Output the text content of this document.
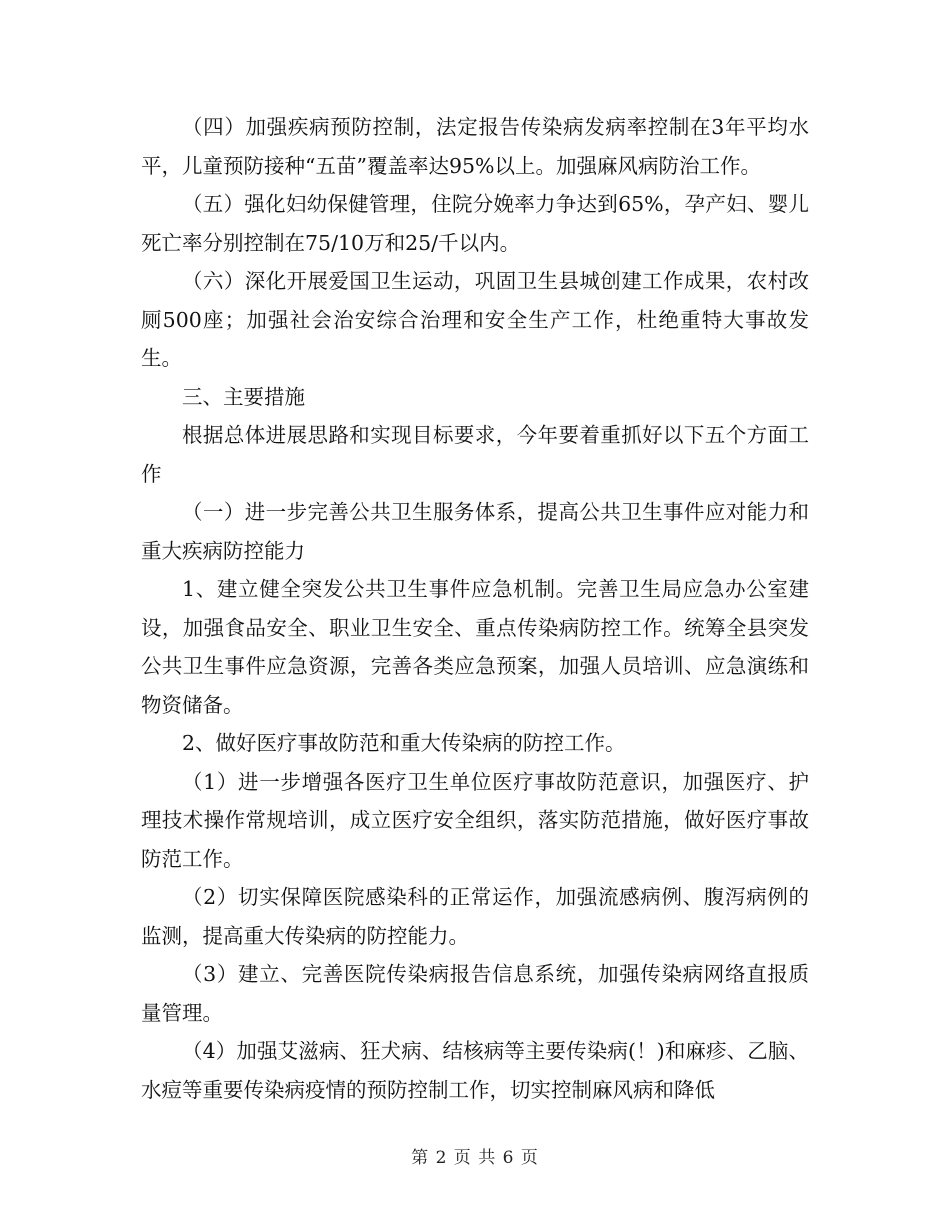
（四）加强疾病预防控制，法定报告传染病发病率控制在3年平均水平，儿童预防接种“五苗”覆盖率达95%以上。加强麻风病防治工作。

（五）强化妇幼保健管理，住院分娩率力争达到65%，孕产妇、婴儿死亡率分别控制在75/10万和25/千以内。

（六）深化开展爱国卫生运动，巩固卫生县城创建工作成果，农村改厕500座；加强社会治安综合治理和安全生产工作，杜绝重特大事故发生。

三、主要措施

根据总体进展思路和实现目标要求，今年要着重抓好以下五个方面工作

（一）进一步完善公共卫生服务体系，提高公共卫生事件应对能力和重大疾病防控能力

1、建立健全突发公共卫生事件应急机制。完善卫生局应急办公室建设，加强食品安全、职业卫生安全、重点传染病防控工作。统筹全县突发公共卫生事件应急资源，完善各类应急预案，加强人员培训、应急演练和物资储备。

2、做好医疗事故防范和重大传染病的防控工作。

（1）进一步增强各医疗卫生单位医疗事故防范意识，加强医疗、护理技术操作常规培训，成立医疗安全组织，落实防范措施，做好医疗事故防范工作。

（2）切实保障医院感染科的正常运作，加强流感病例、腹泻病例的监测，提高重大传染病的防控能力。

（3）建立、完善医院传染病报告信息系统，加强传染病网络直报质量管理。

（4）加强艾滋病、狂犬病、结核病等主要传染病(！)和麻疹、乙脑、水痘等重要传染病疫情的预防控制工作，切实控制麻风病和降低

第 2 页 共 6 页
